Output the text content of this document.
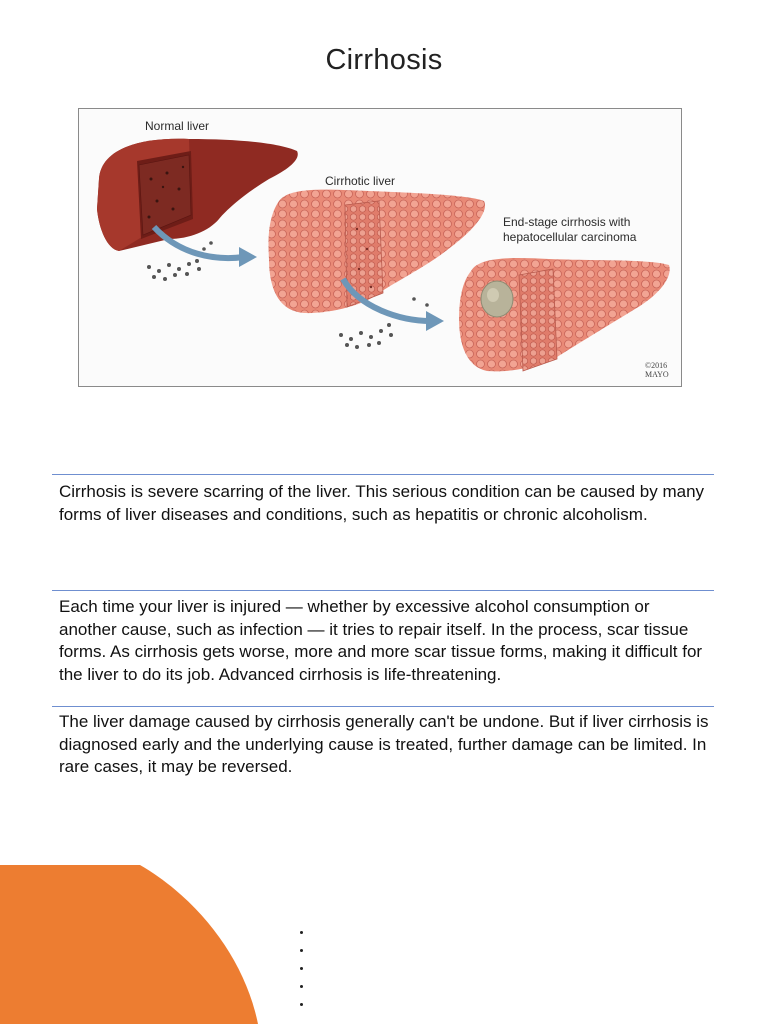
Cirrhosis
Normal liver
Cirrhotic liver
End-stage cirrhosis with
hepatocellular carcinoma
©2016
MAYO

Cirrhosis is severe scarring of the liver. This serious condition can be caused by many forms of liver diseases and conditions, such as hepatitis or chronic alcoholism.

Each time your liver is injured — whether by excessive alcohol consumption or another cause, such as infection — it tries to repair itself. In the process, scar tissue forms. As cirrhosis gets worse, more and more scar tissue forms, making it difficult for the liver to do its job. Advanced cirrhosis is life-threatening.

The liver damage caused by cirrhosis generally can't be undone. But if liver cirrhosis is diagnosed early and the underlying cause is treated, further damage can be limited. In rare cases, it may be reversed.
